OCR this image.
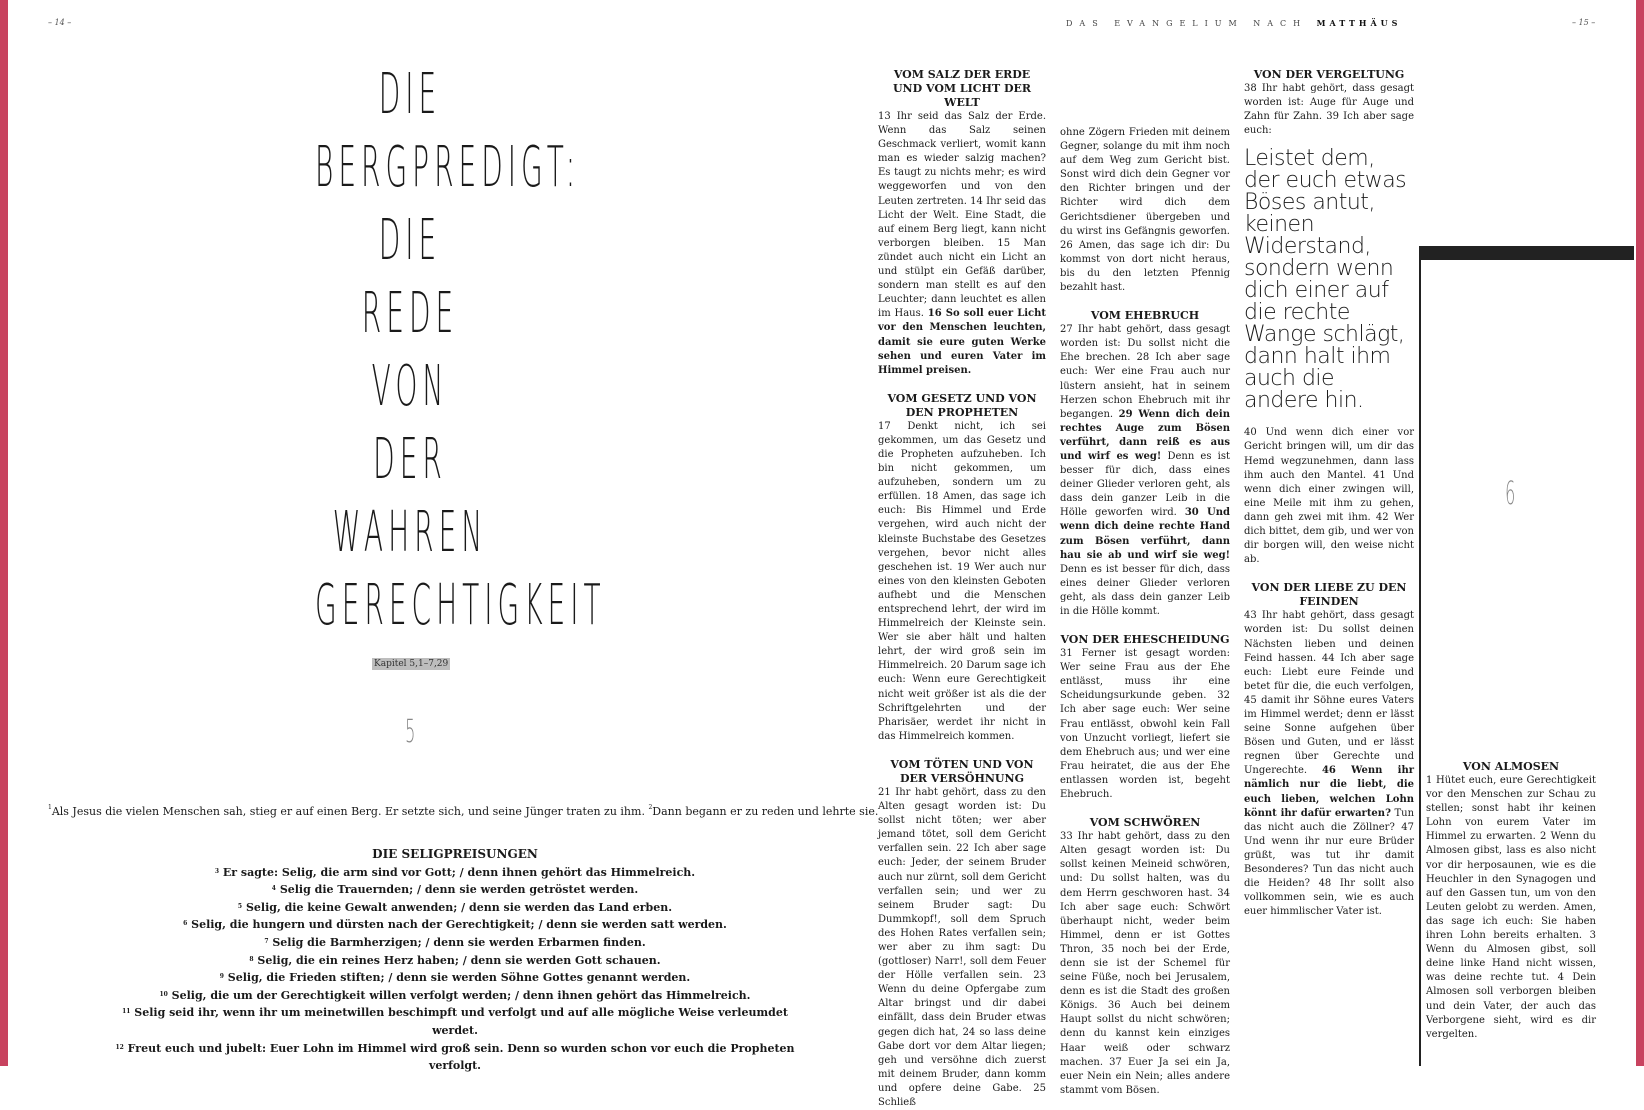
– 14 –	– 15 –
DAS EVANGELIUM NACH MATTHÄUS
DIE
BERGPREDIGT:
DIE
REDE
VON
DER
WAHREN
GERECHTIGKEIT
Kapitel 5,1–7,29
5
$^1$Als Jesus die vielen Menschen sah, stieg er auf einen Berg. Er setzte sich, und seine Jünger traten zu ihm. $^2$Dann begann er zu reden und lehrte sie.
DIE SELIGPREISUNGEN
$^3$ Er sagte: Selig, die arm sind vor Gott; / denn ihnen gehört das Himmelreich.
$^4$ Selig die Trauernden; / denn sie werden getröstet werden.
$^5$ Selig, die keine Gewalt anwenden; / denn sie werden das Land erben.
$^6$ Selig, die hungern und dürsten nach der Gerechtigkeit; / denn sie werden satt werden.
$^7$ Selig die Barmherzigen; / denn sie werden Erbarmen finden.
$^8$ Selig, die ein reines Herz haben; / denn sie werden Gott schauen.
$^9$ Selig, die Frieden stiften; / denn sie werden Söhne Gottes genannt werden.
$^{10}$ Selig, die um der Gerechtigkeit willen verfolgt werden; / denn ihnen gehört das Himmelreich.
$^{11}$ Selig seid ihr, wenn ihr um meinetwillen beschimpft und verfolgt und auf alle mögliche Weise verleumdet werdet.
$^{12}$ Freut euch und jubelt: Euer Lohn im Himmel wird groß sein. Denn so wurden schon vor euch die Propheten verfolgt.
VOM SALZ DER ERDE UND VOM LICHT DER WELT

13 Ihr seid das Salz der Erde. Wenn das Salz seinen Geschmack verliert, womit kann man es wieder salzig machen? Es taugt zu nichts mehr; es wird weggeworfen und von den Leuten zertreten. 14 Ihr seid das Licht der Welt. Eine Stadt, die auf einem Berg liegt, kann nicht verborgen bleiben. 15 Man zündet auch nicht ein Licht an und stülpt ein Gefäß darüber, sondern man stellt es auf den Leuchter; dann leuchtet es allen im Haus. 16 So soll euer Licht vor den Menschen leuchten, damit sie eure guten Werke sehen und euren Vater im Himmel preisen.

VOM GESETZ UND VON DEN PROPHETEN

17 Denkt nicht, ich sei gekommen, um das Gesetz und die Propheten aufzuheben. Ich bin nicht gekommen, um aufzuheben, sondern um zu erfüllen. 18 Amen, das sage ich euch: Bis Himmel und Erde vergehen, wird auch nicht der kleinste Buchstabe des Gesetzes vergehen, bevor nicht alles geschehen ist. 19 Wer auch nur eines von den kleinsten Geboten aufhebt und die Menschen entsprechend lehrt, der wird im Himmelreich der Kleinste sein. Wer sie aber hält und halten lehrt, der wird groß sein im Himmelreich. 20 Darum sage ich euch: Wenn eure Gerechtigkeit nicht weit größer ist als die der Schriftgelehrten und der Pharisäer, werdet ihr nicht in das Himmelreich kommen.

VOM TÖTEN UND VON DER VERSÖHNUNG

21 Ihr habt gehört, dass zu den Alten gesagt worden ist: Du sollst nicht töten; wer aber jemand tötet, soll dem Gericht verfallen sein. 22 Ich aber sage euch: Jeder, der seinem Bruder auch nur zürnt, soll dem Gericht verfallen sein; und wer zu seinem Bruder sagt: Du Dummkopf!, soll dem Spruch des Hohen Rates verfallen sein; wer aber zu ihm sagt: Du (gottloser) Narr!, soll dem Feuer der Hölle verfallen sein. 23 Wenn du deine Opfergabe zum Altar bringst und dir dabei einfällt, dass dein Bruder etwas gegen dich hat, 24 so lass deine Gabe dort vor dem Altar liegen; geh und versöhne dich zuerst mit deinem Bruder, dann komm und opfere deine Gabe. 25 Schließ

ohne Zögern Frieden mit deinem Gegner, solange du mit ihm noch auf dem Weg zum Gericht bist. Sonst wird dich dein Gegner vor den Richter bringen und der Richter wird dich dem Gerichtsdiener übergeben und du wirst ins Gefängnis geworfen. 26 Amen, das sage ich dir: Du kommst von dort nicht heraus, bis du den letzten Pfennig bezahlt hast.

VOM EHEBRUCH

27 Ihr habt gehört, dass gesagt worden ist: Du sollst nicht die Ehe brechen. 28 Ich aber sage euch: Wer eine Frau auch nur lüstern ansieht, hat in seinem Herzen schon Ehebruch mit ihr begangen. 29 Wenn dich dein rechtes Auge zum Bösen verführt, dann reiß es aus und wirf es weg! Denn es ist besser für dich, dass eines deiner Glieder verloren geht, als dass dein ganzer Leib in die Hölle geworfen wird. 30 Und wenn dich deine rechte Hand zum Bösen verführt, dann hau sie ab und wirf sie weg! Denn es ist besser für dich, dass eines deiner Glieder verloren geht, als dass dein ganzer Leib in die Hölle kommt.

VON DER EHESCHEIDUNG

31 Ferner ist gesagt worden: Wer seine Frau aus der Ehe entlässt, muss ihr eine Scheidungsurkunde geben. 32 Ich aber sage euch: Wer seine Frau entlässt, obwohl kein Fall von Unzucht vorliegt, liefert sie dem Ehebruch aus; und wer eine Frau heiratet, die aus der Ehe entlassen worden ist, begeht Ehebruch.

VOM SCHWÖREN

33 Ihr habt gehört, dass zu den Alten gesagt worden ist: Du sollst keinen Meineid schwören, und: Du sollst halten, was du dem Herrn geschworen hast. 34 Ich aber sage euch: Schwört überhaupt nicht, weder beim Himmel, denn er ist Gottes Thron, 35 noch bei der Erde, denn sie ist der Schemel für seine Füße, noch bei Jerusalem, denn es ist die Stadt des großen Königs. 36 Auch bei deinem Haupt sollst du nicht schwören; denn du kannst kein einziges Haar weiß oder schwarz machen. 37 Euer Ja sei ein Ja, euer Nein ein Nein; alles andere stammt vom Bösen.

VON DER VERGELTUNG

38 Ihr habt gehört, dass gesagt worden ist: Auge für Auge und Zahn für Zahn. 39 Ich aber sage euch:

Leistet dem, der euch etwas Böses antut, keinen Widerstand, sondern wenn dich einer auf die rechte Wange schlägt, dann halt ihm auch die andere hin.

40 Und wenn dich einer vor Gericht bringen will, um dir das Hemd wegzunehmen, dann lass ihm auch den Mantel. 41 Und wenn dich einer zwingen will, eine Meile mit ihm zu gehen, dann geh zwei mit ihm. 42 Wer dich bittet, dem gib, und wer von dir borgen will, den weise nicht ab.

VON DER LIEBE ZU DEN FEINDEN

43 Ihr habt gehört, dass gesagt worden ist: Du sollst deinen Nächsten lieben und deinen Feind hassen. 44 Ich aber sage euch: Liebt eure Feinde und betet für die, die euch verfolgen, 45 damit ihr Söhne eures Vaters im Himmel werdet; denn er lässt seine Sonne aufgehen über Bösen und Guten, und er lässt regnen über Gerechte und Ungerechte. 46 Wenn ihr nämlich nur die liebt, die euch lieben, welchen Lohn könnt ihr dafür erwarten? Tun das nicht auch die Zöllner? 47 Und wenn ihr nur eure Brüder grüßt, was tut ihr damit Besonderes? Tun das nicht auch die Heiden? 48 Ihr sollt also vollkommen sein, wie es auch euer himmlischer Vater ist.

6
VON ALMOSEN

1 Hütet euch, eure Gerechtigkeit vor den Menschen zur Schau zu stellen; sonst habt ihr keinen Lohn von eurem Vater im Himmel zu erwarten. 2 Wenn du Almosen gibst, lass es also nicht vor dir herposaunen, wie es die Heuchler in den Synagogen und auf den Gassen tun, um von den Leuten gelobt zu werden. Amen, das sage ich euch: Sie haben ihren Lohn bereits erhalten. 3 Wenn du Almosen gibst, soll deine linke Hand nicht wissen, was deine rechte tut. 4 Dein Almosen soll verborgen bleiben und dein Vater, der auch das Verborgene sieht, wird es dir vergelten.
